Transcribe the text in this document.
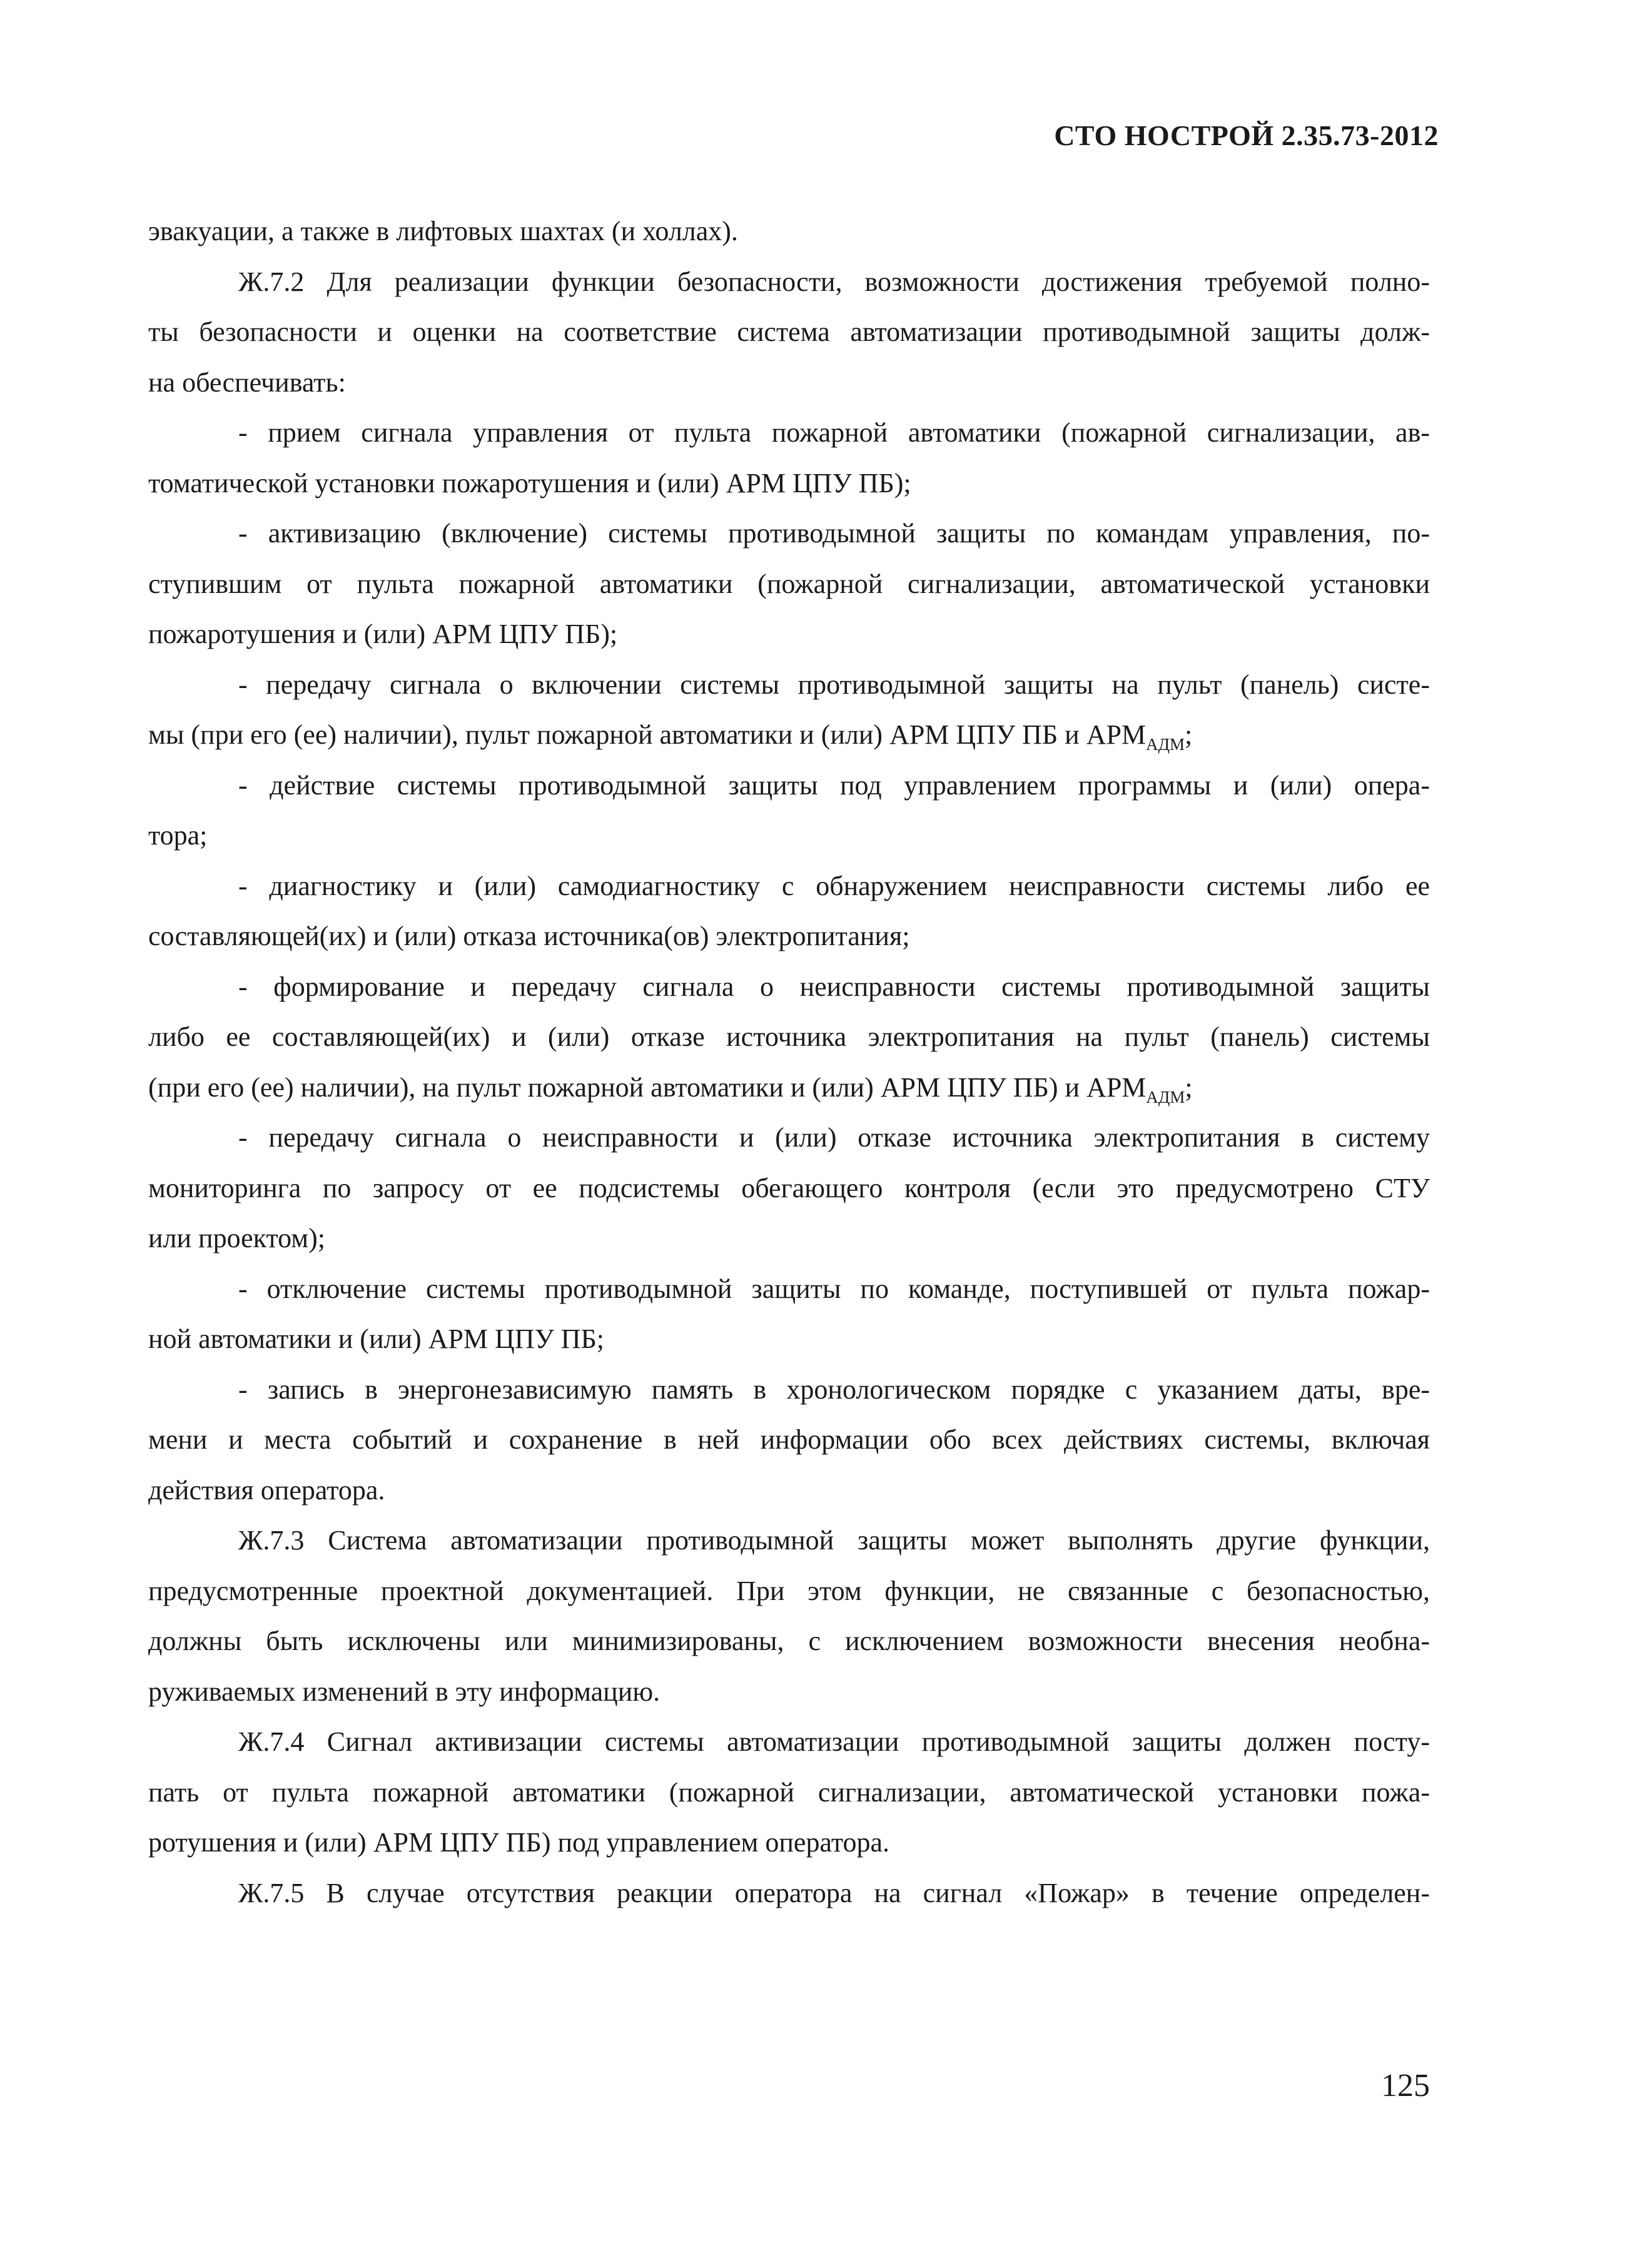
СТО НОСТРОЙ 2.35.73-2012
эвакуации, а также в лифтовых шахтах (и холлах).
Ж.7.2 Для реализации функции безопасности, возможности достижения требуемой полно-
ты безопасности и оценки на соответствие система автоматизации противодымной защиты долж-
на обеспечивать:
- прием сигнала управления от пульта пожарной автоматики (пожарной сигнализации, ав-
томатической установки пожаротушения и (или) АРМ ЦПУ ПБ);
- активизацию (включение) системы противодымной защиты по командам управления, по-
ступившим от пульта пожарной автоматики (пожарной сигнализации, автоматической установки
пожаротушения и (или) АРМ ЦПУ ПБ);
- передачу сигнала о включении системы противодымной защиты на пульт (панель) систе-
мы (при его (ее) наличии), пульт пожарной автоматики и (или) АРМ ЦПУ ПБ и $АРМ_{АДМ}$;
- действие системы противодымной защиты под управлением программы и (или) опера-
тора;
- диагностику и (или) самодиагностику с обнаружением неисправности системы либо ее
составляющей(их) и (или) отказа источника(ов) электропитания;
- формирование и передачу сигнала о неисправности системы противодымной защиты
либо ее составляющей(их) и (или) отказе источника электропитания на пульт (панель) системы
(при его (ее) наличии), на пульт пожарной автоматики и (или) АРМ ЦПУ ПБ) и $АРМ_{АДМ}$;
- передачу сигнала о неисправности и (или) отказе источника электропитания в систему
мониторинга по запросу от ее подсистемы обегающего контроля (если это предусмотрено СТУ
или проектом);
- отключение системы противодымной защиты по команде, поступившей от пульта пожар-
ной автоматики и (или) АРМ ЦПУ ПБ;
- запись в энергонезависимую память в хронологическом порядке с указанием даты, вре-
мени и места событий и сохранение в ней информации обо всех действиях системы, включая
действия оператора.
Ж.7.3 Система автоматизации противодымной защиты может выполнять другие функции,
предусмотренные проектной документацией. При этом функции, не связанные с безопасностью,
должны быть исключены или минимизированы, с исключением возможности внесения необна-
руживаемых изменений в эту информацию.
Ж.7.4 Сигнал активизации системы автоматизации противодымной защиты должен посту-
пать от пульта пожарной автоматики (пожарной сигнализации, автоматической установки пожа-
ротушения и (или) АРМ ЦПУ ПБ) под управлением оператора.
Ж.7.5 В случае отсутствия реакции оператора на сигнал «Пожар» в течение определен-
125
